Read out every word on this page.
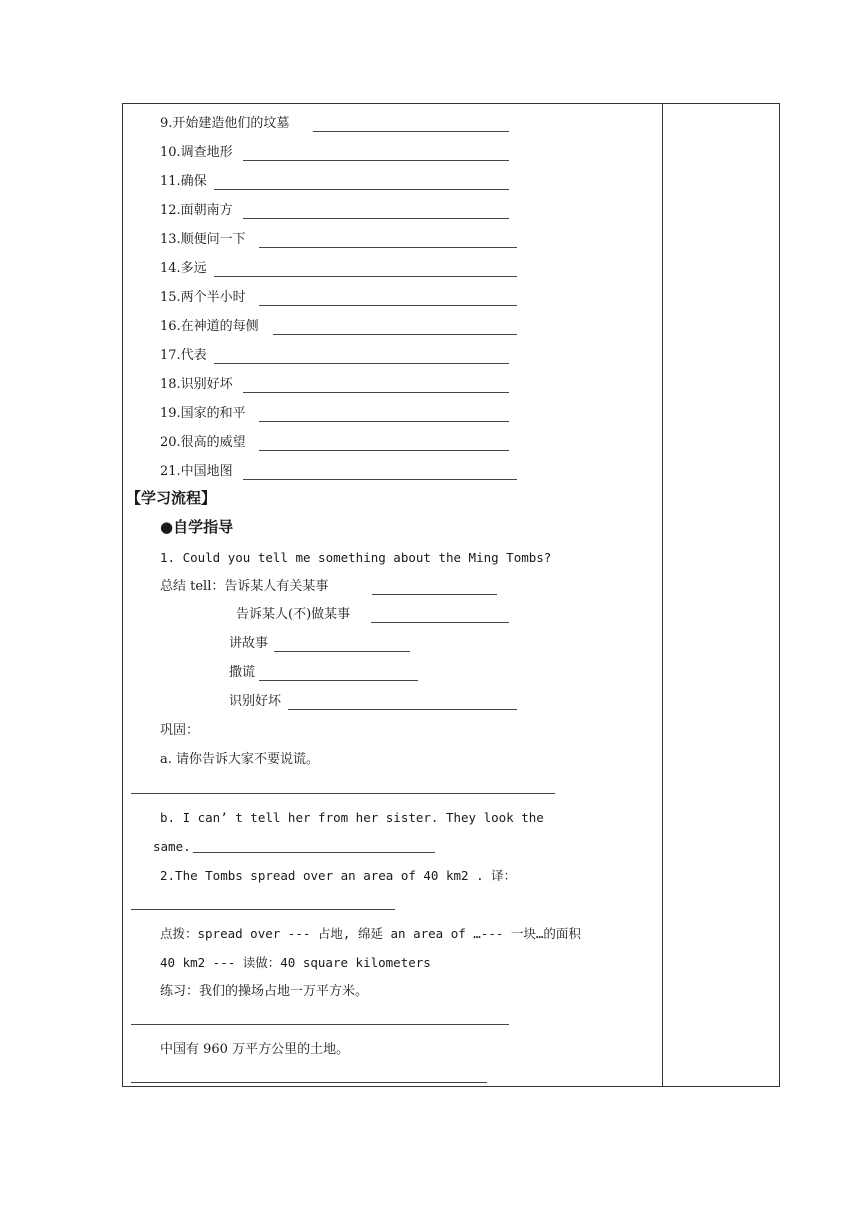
9.开始建造他们的坟墓
10.调查地形
11.确保
12.面朝南方
13.顺便问一下
14.多远
15.两个半小时
16.在神道的每侧
17.代表
18.识别好坏
19.国家的和平
20.很高的威望
21.中国地图
【学习流程】
●自学指导
1. Could you tell me something about the Ming Tombs?
总结 tell：告诉某人有关某事
告诉某人(不)做某事
讲故事
撒谎
识别好坏
巩固：
a. 请你告诉大家不要说谎。
b. I can’ t tell her from her sister. They look the
same.
2.The Tombs spread over an area of 40 km2 . 译：
点拨：spread over --- 占地, 绵延 an area of …--- 一块…的面积
40 km2 --- 读做：40 square kilometers
练习：我们的操场占地一万平方米。
中国有 960 万平方公里的土地。
